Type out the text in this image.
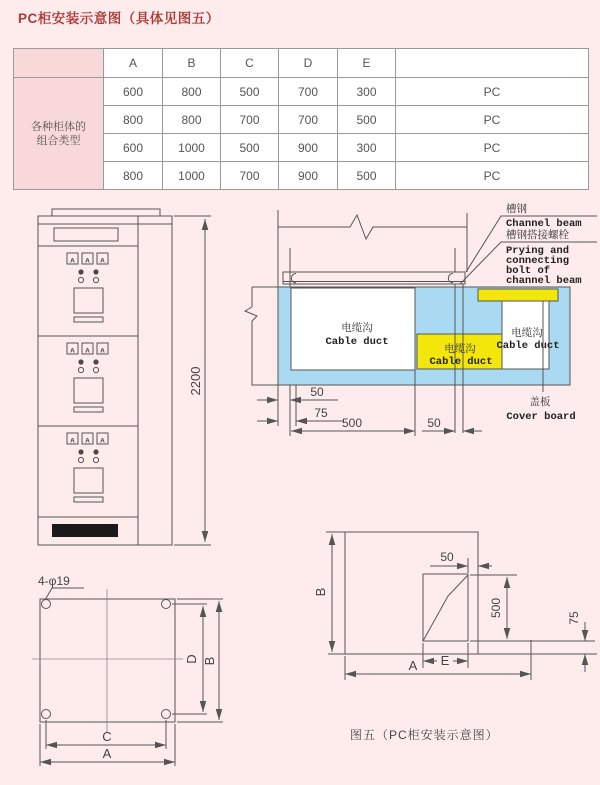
PC柜安装示意图（具体见图五）
	A	B	C	D	E	

各种柜体的
组合类型	600	800	500	700	300	PC
	800	800	700	700	500	PC
	600	1000	500	900	300	PC
	800	1000	700	900	500	PC
A A A
A A A
A A A
2200
槽钢
Channel beam
槽钢搭接螺栓
Prying and
connecting
bolt of
channel beam
电缆沟
Cable duct
电缆沟
Cable duct
电缆沟
Cable duct
盖板
Cover board
50
75
500	50
4-φ19
D B
C
A
B
50
500	75
A E
图五（PC柜安装示意图）
